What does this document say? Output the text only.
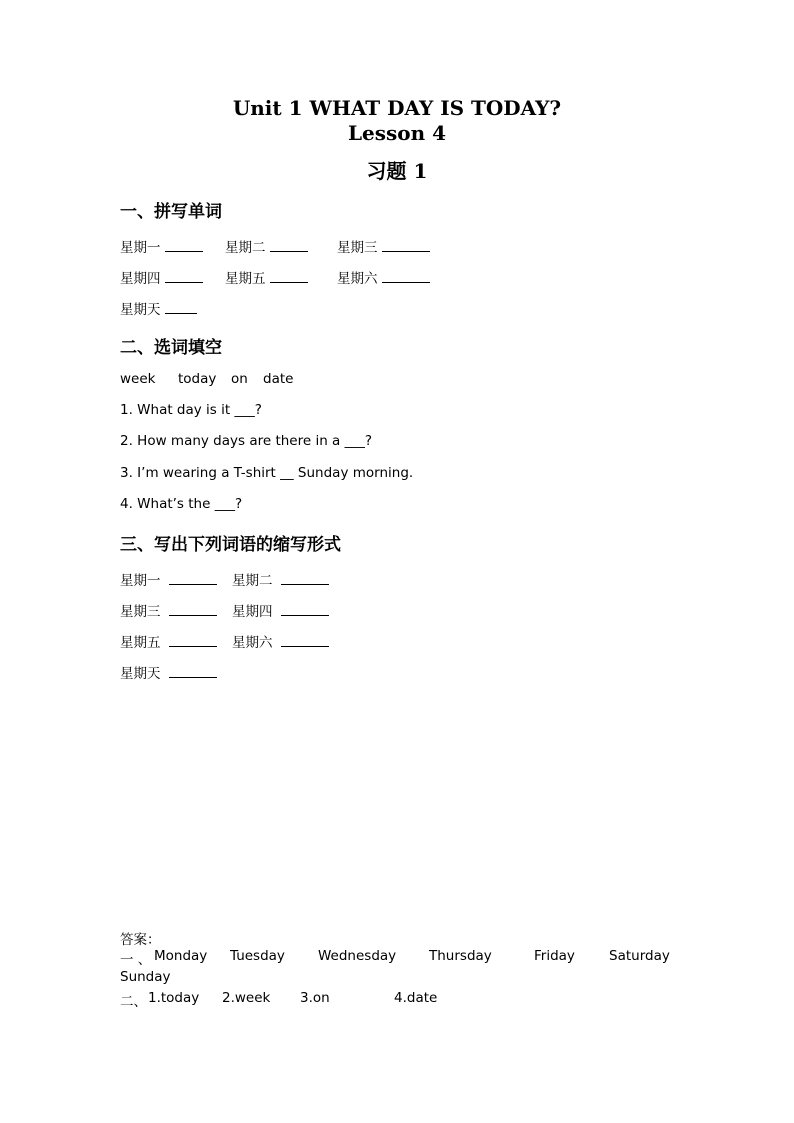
Unit 1 WHAT DAY IS TODAY?
Lesson 4
习题 1
一、拼写单词
星期一	星期二	星期三
星期四	星期五	星期六
星期天
二、选词填空
week today on date
1. What day is it ___?
2. How many days are there in a ___?
3. I’m wearing a T-shirt __ Sunday morning.
4. What’s the ___?
三、写出下列词语的缩写形式
星期一	星期二
星期三	星期四
星期五	星期六
星期天
答案：
一 、 Monday Tuesday Wednesday Thursday	Friday	Saturday
Sunday
二、 1.today 2.week 3.on	4.date
